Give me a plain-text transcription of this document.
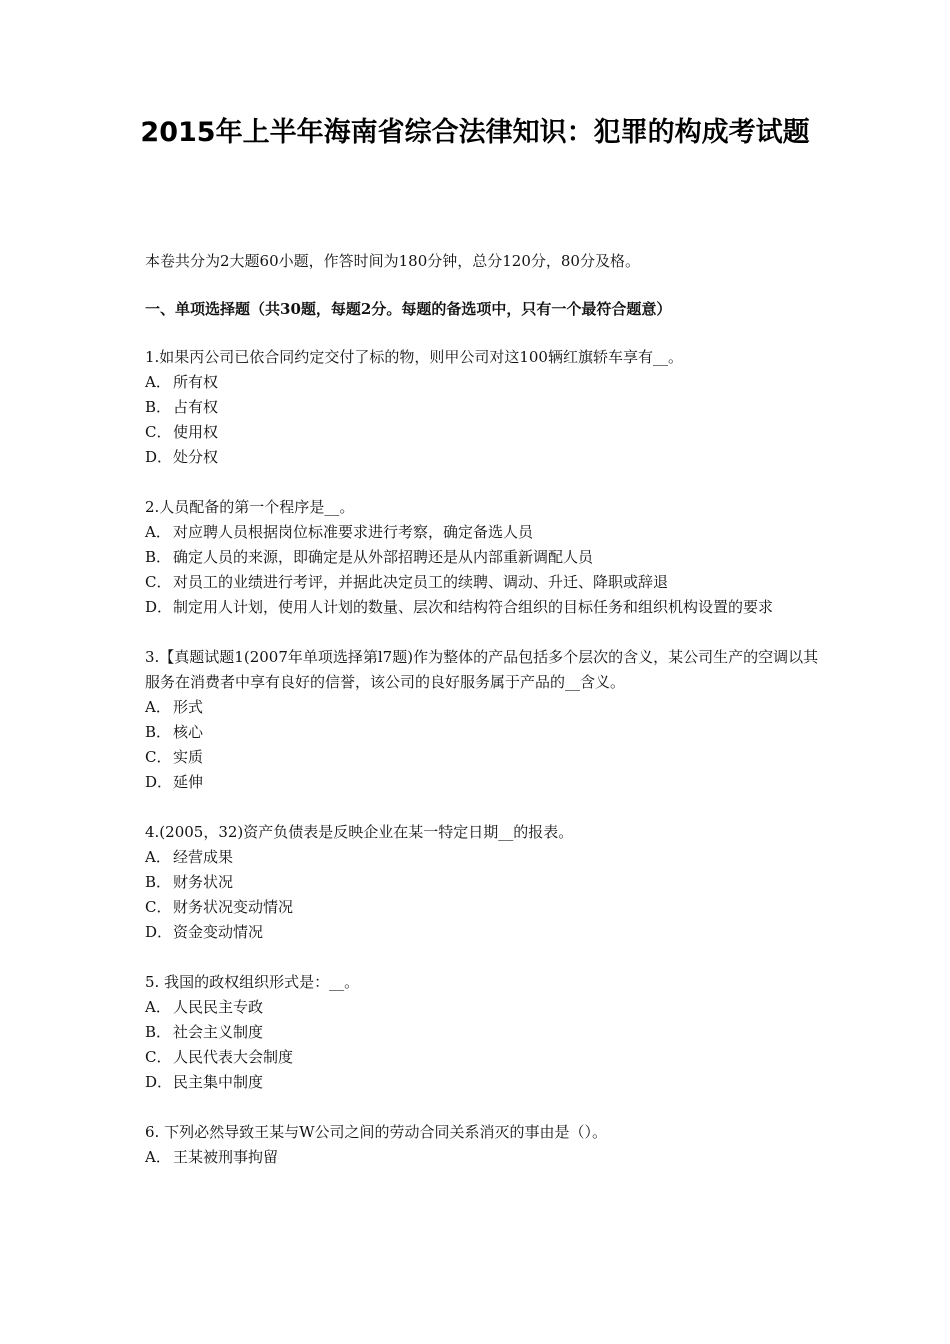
2015年上半年海南省综合法律知识：犯罪的构成考试题

本卷共分为2大题60小题，作答时间为180分钟，总分120分，80分及格。

一、单项选择题（共30题，每题2分。每题的备选项中，只有一个最符合题意）

1.如果丙公司已依合同约定交付了标的物，则甲公司对这100辆红旗轿车享有__。

A． 所有权

B． 占有权

C． 使用权

D．处分权

2.人员配备的第一个程序是__。

A． 对应聘人员根据岗位标准要求进行考察，确定备选人员

B． 确定人员的来源，即确定是从外部招聘还是从内部重新调配人员

C． 对员工的业绩进行考评，并据此决定员工的续聘、调动、升迁、降职或辞退

D．制定用人计划，使用人计划的数量、层次和结构符合组织的目标任务和组织机构设置的要求

3.【真题试题1(2007年单项选择第l7题)作为整体的产品包括多个层次的含义，某公司生产的空调以其服务在消费者中享有良好的信誉，该公司的良好服务属于产品的__含义。

A． 形式

B． 核心

C． 实质

D．延伸

4.(2005，32)资产负债表是反映企业在某一特定日期__的报表。

A． 经营成果

B． 财务状况

C． 财务状况变动情况

D．资金变动情况

5. 我国的政权组织形式是：__。

A． 人民民主专政

B． 社会主义制度

C． 人民代表大会制度

D．民主集中制度

6. 下列必然导致王某与W公司之间的劳动合同关系消灭的事由是（）。

A． 王某被刑事拘留
